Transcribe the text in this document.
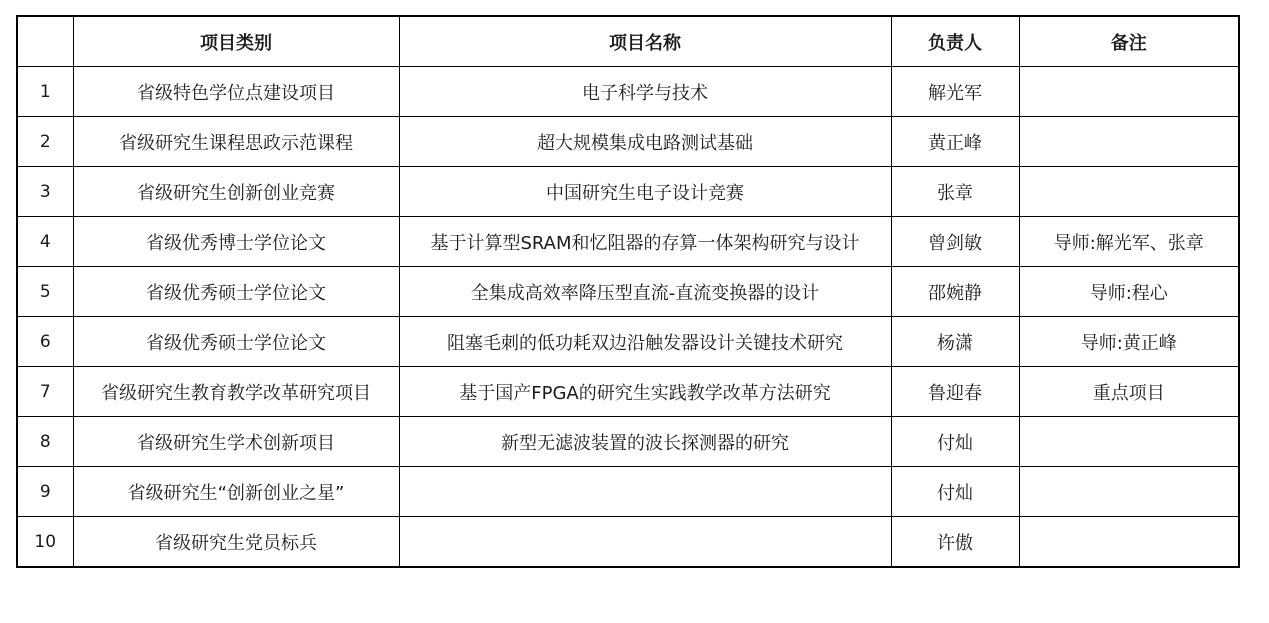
	项目类别	项目名称	负责人	备注
1	省级特色学位点建设项目	电子科学与技术	解光军	
2	省级研究生课程思政示范课程	超大规模集成电路测试基础	黄正峰	
3	省级研究生创新创业竞赛	中国研究生电子设计竞赛	张章	
4	省级优秀博士学位论文	基于计算型SRAM和忆阻器的存算一体架构研究与设计	曾剑敏	导师:解光军、张章
5	省级优秀硕士学位论文	全集成高效率降压型直流-直流变换器的设计	邵婉静	导师:程心
6	省级优秀硕士学位论文	阻塞毛刺的低功耗双边沿触发器设计关键技术研究	杨潇	导师:黄正峰
7	省级研究生教育教学改革研究项目	基于国产FPGA的研究生实践教学改革方法研究	鲁迎春	重点项目
8	省级研究生学术创新项目	新型无滤波装置的波长探测器的研究	付灿	
9	省级研究生“创新创业之星”		付灿	
10	省级研究生党员标兵		许傲	
